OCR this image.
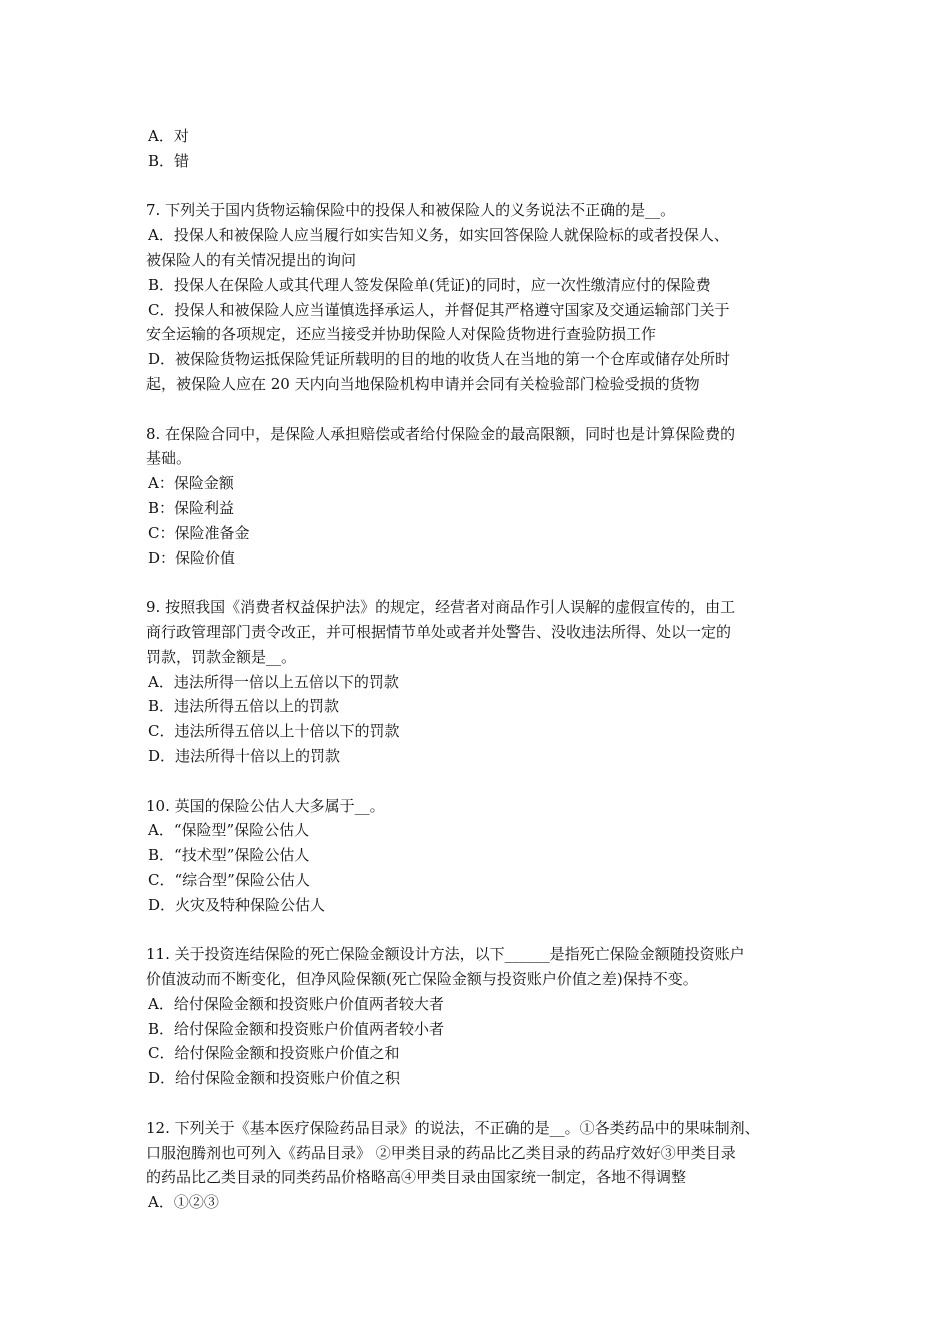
A．对
B．错
7. 下列关于国内货物运输保险中的投保人和被保险人的义务说法不正确的是__。
A．投保人和被保险人应当履行如实告知义务，如实回答保险人就保险标的或者投保人、
被保险人的有关情况提出的询问
B．投保人在保险人或其代理人签发保险单(凭证)的同时，应一次性缴清应付的保险费
C．投保人和被保险人应当谨慎选择承运人，并督促其严格遵守国家及交通运输部门关于
安全运输的各项规定，还应当接受并协助保险人对保险货物进行查验防损工作
D．被保险货物运抵保险凭证所载明的目的地的收货人在当地的第一个仓库或储存处所时
起，被保险人应在 20 天内向当地保险机构申请并会同有关检验部门检验受损的货物
8. 在保险合同中，是保险人承担赔偿或者给付保险金的最高限额，同时也是计算保险费的
基础。
A：保险金额
B：保险利益
C：保险准备金
D：保险价值
9. 按照我国《消费者权益保护法》的规定，经营者对商品作引人误解的虚假宣传的，由工
商行政管理部门责令改正，并可根据情节单处或者并处警告、没收违法所得、处以一定的
罚款，罚款金额是__。
A．违法所得一倍以上五倍以下的罚款
B．违法所得五倍以上的罚款
C．违法所得五倍以上十倍以下的罚款
D．违法所得十倍以上的罚款
10. 英国的保险公估人大多属于__。
A．“保险型”保险公估人
B．“技术型”保险公估人
C．“综合型”保险公估人
D．火灾及特种保险公估人
11. 关于投资连结保险的死亡保险金额设计方法，以下______是指死亡保险金额随投资账户
价值波动而不断变化，但净风险保额(死亡保险金额与投资账户价值之差)保持不变。
A．给付保险金额和投资账户价值两者较大者
B．给付保险金额和投资账户价值两者较小者
C．给付保险金额和投资账户价值之和
D．给付保险金额和投资账户价值之积
12. 下列关于《基本医疗保险药品目录》的说法，不正确的是__。①各类药品中的果味制剂、
口服泡腾剂也可列入《药品目录》 ②甲类目录的药品比乙类目录的药品疗效好③甲类目录
的药品比乙类目录的同类药品价格略高④甲类目录由国家统一制定，各地不得调整
A．①②③
